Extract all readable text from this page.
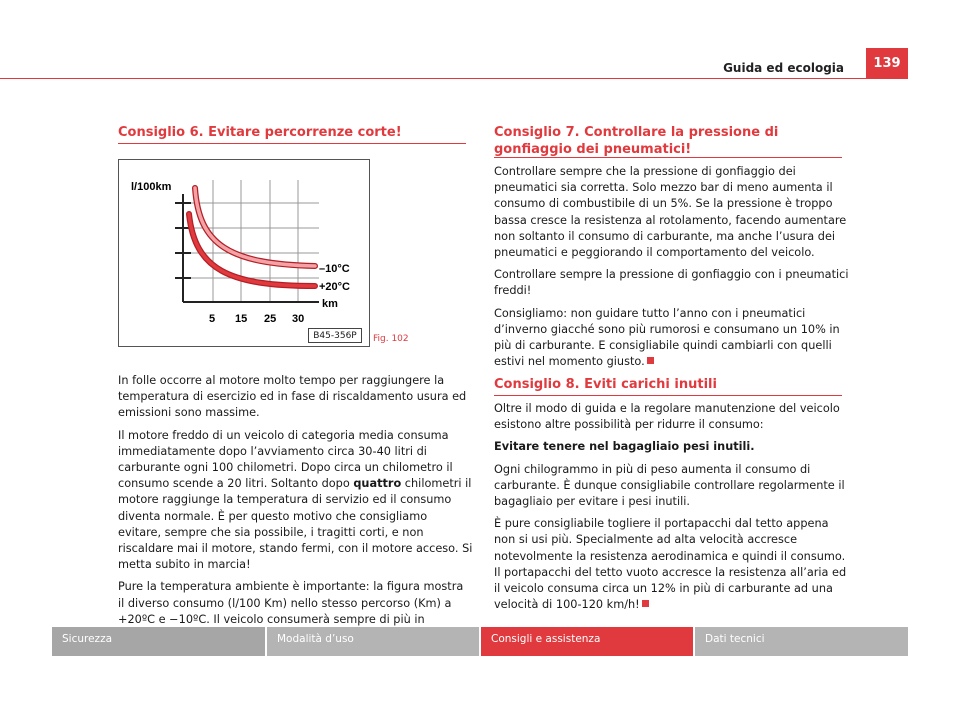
Guida ed ecologia	139
Consiglio 6. Evitare percorrenze corte!
l/100km
–10°C
+20°C
km
5 15 25 30
B45-356P	Fig. 102

In folle occorre al motore molto tempo per raggiungere la temperatura di esercizio ed in fase di riscaldamento usura ed emissioni sono massime.

Il motore freddo di un veicolo di categoria media consuma immediatamente dopo l’avviamento circa 30-40 litri di carburante ogni 100 chilometri. Dopo circa un chilometro il consumo scende a 20 litri. Soltanto dopo quattro chilometri il motore raggiunge la temperatura di servizio ed il consumo diventa normale. È per questo motivo che consigliamo evitare, sempre che sia possibile, i tragitti corti, e non riscaldare mai il motore, stando fermi, con il motore acceso. Si metta subito in marcia!

Pure la temperatura ambiente è importante: la figura mostra il diverso consumo (l/100 Km) nello stesso percorso (Km) a +20ºC e −10ºC. Il veicolo consumerà sempre di più in

Consiglio 7. Controllare la pressione di gonfiaggio dei pneumatici!

Controllare sempre che la pressione di gonfiaggio dei pneumatici sia corretta. Solo mezzo bar di meno aumenta il consumo di combustibile di un 5%. Se la pressione è troppo bassa cresce la resistenza al rotolamento, facendo aumentare non soltanto il consumo di carburante, ma anche l’usura dei pneumatici e peggiorando il comportamento del veicolo.

Controllare sempre la pressione di gonfiaggio con i pneumatici freddi!

Consigliamo: non guidare tutto l’anno con i pneumatici d’inverno giacché sono più rumorosi e consumano un 10% in più di carburante. E consigliabile quindi cambiarli con quelli estivi nel momento giusto.

Consiglio 8. Eviti carichi inutili

Oltre il modo di guida e la regolare manutenzione del veicolo esistono altre possibilità per ridurre il consumo:

Evitare tenere nel bagagliaio pesi inutili.

Ogni chilogrammo in più di peso aumenta il consumo di carburante. È dunque consigliabile controllare regolarmente il bagagliaio per evitare i pesi inutili.

È pure consigliabile togliere il portapacchi dal tetto appena non si usi più. Specialmente ad alta velocità accresce notevolmente la resistenza aerodinamica e quindi il consumo. Il portapacchi del tetto vuoto accresce la resistenza all’aria ed il veicolo consuma circa un 12% in più di carburante ad una velocità di 100-120 km/h!

Sicurezza	Modalità d’uso	Consigli e assistenza	Dati tecnici
